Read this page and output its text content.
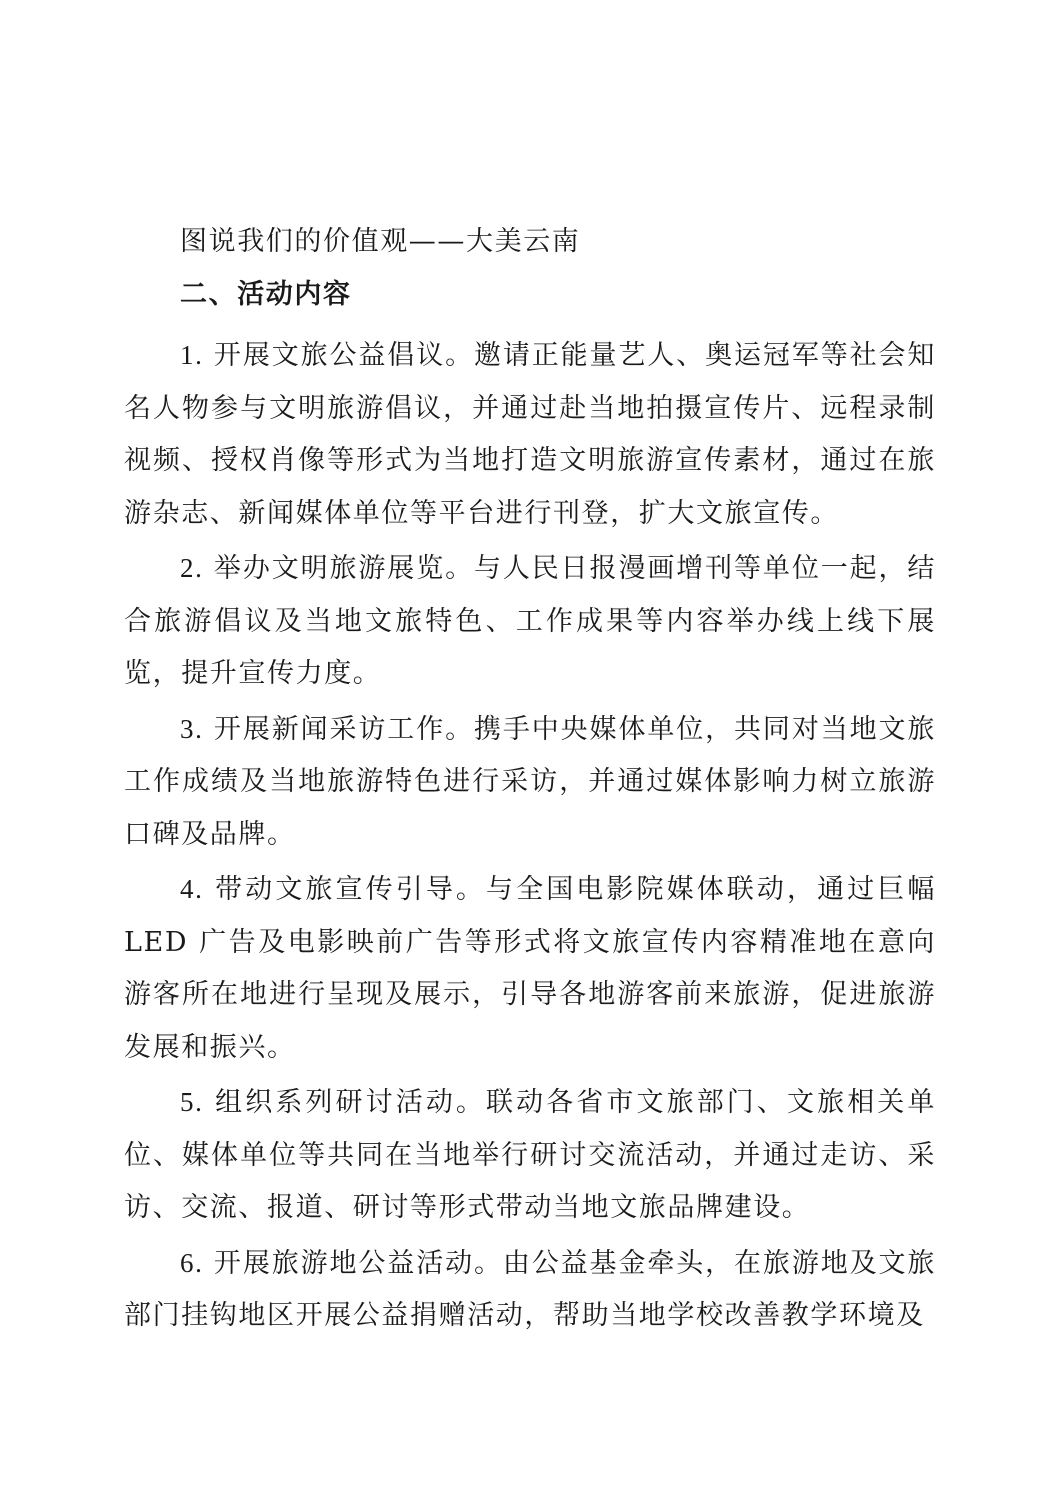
图说我们的价值观——大美云南

二、活动内容

1. 开展文旅公益倡议。邀请正能量艺人、奥运冠军等社会知名人物参与文明旅游倡议，并通过赴当地拍摄宣传片、远程录制视频、授权肖像等形式为当地打造文明旅游宣传素材，通过在旅游杂志、新闻媒体单位等平台进行刊登，扩大文旅宣传。

2. 举办文明旅游展览。与人民日报漫画增刊等单位一起，结合旅游倡议及当地文旅特色、工作成果等内容举办线上线下展览，提升宣传力度。

3. 开展新闻采访工作。携手中央媒体单位，共同对当地文旅工作成绩及当地旅游特色进行采访，并通过媒体影响力树立旅游口碑及品牌。

4. 带动文旅宣传引导。与全国电影院媒体联动，通过巨幅 LED 广告及电影映前广告等形式将文旅宣传内容精准地在意向游客所在地进行呈现及展示，引导各地游客前来旅游，促进旅游发展和振兴。

5. 组织系列研讨活动。联动各省市文旅部门、文旅相关单位、媒体单位等共同在当地举行研讨交流活动，并通过走访、采访、交流、报道、研讨等形式带动当地文旅品牌建设。

6. 开展旅游地公益活动。由公益基金牵头，在旅游地及文旅部门挂钩地区开展公益捐赠活动，帮助当地学校改善教学环境及
